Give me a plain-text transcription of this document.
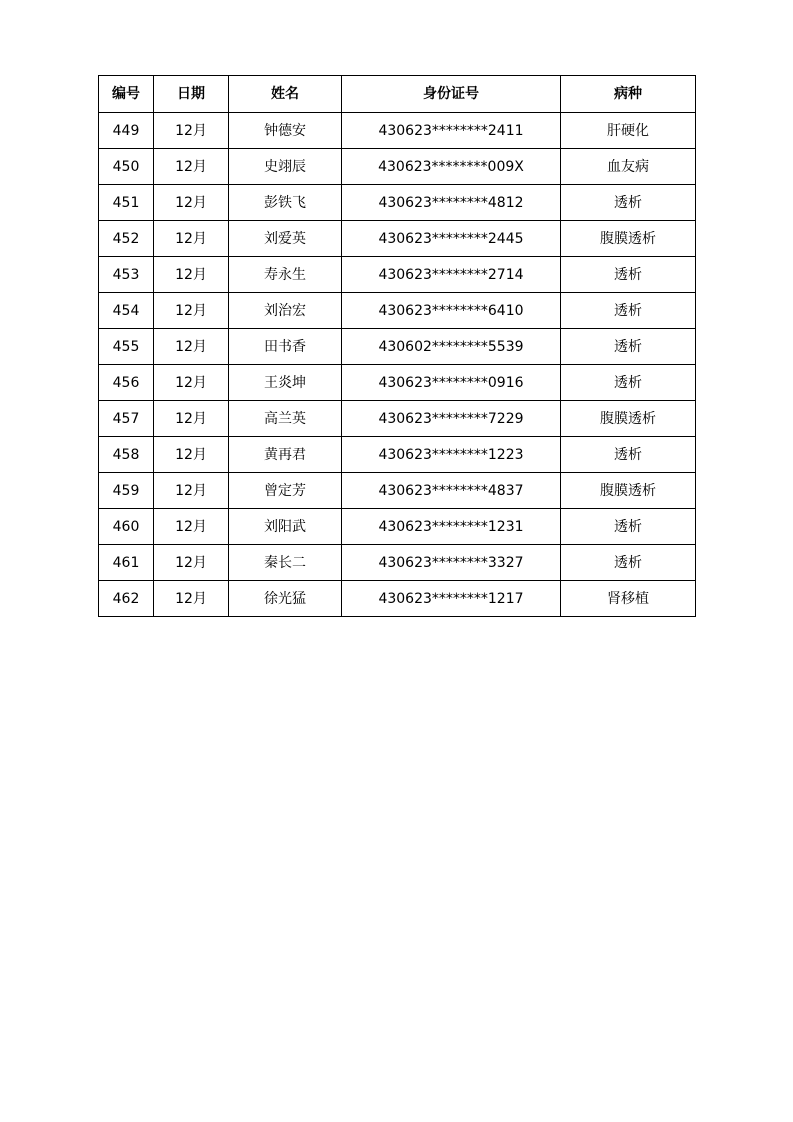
编号	日期	姓名	身份证号	病种
449	12月	钟德安	430623********2411	肝硬化
450	12月	史翊辰	430623********009X	血友病
451	12月	彭铁飞	430623********4812	透析
452	12月	刘爱英	430623********2445	腹膜透析
453	12月	寿永生	430623********2714	透析
454	12月	刘治宏	430623********6410	透析
455	12月	田书香	430602********5539	透析
456	12月	王炎坤	430623********0916	透析
457	12月	高兰英	430623********7229	腹膜透析
458	12月	黄再君	430623********1223	透析
459	12月	曾定芳	430623********4837	腹膜透析
460	12月	刘阳武	430623********1231	透析
461	12月	秦长二	430623********3327	透析
462	12月	徐光猛	430623********1217	肾移植
